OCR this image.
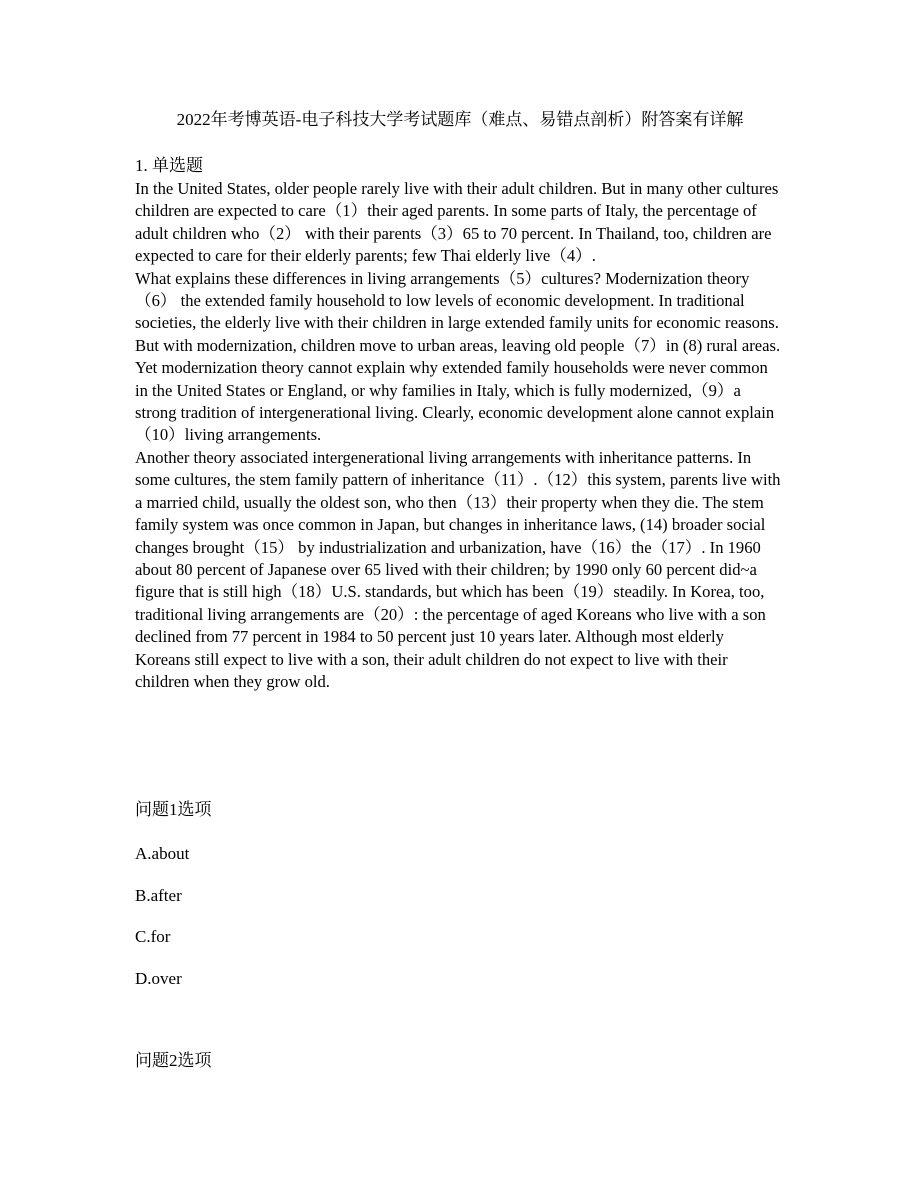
2022年考博英语-电子科技大学考试题库（难点、易错点剖析）附答案有详解
1. 单选题

In the United States, older people rarely live with their adult children. But in many other cultures children are expected to care（1）their aged parents. In some parts of Italy, the percentage of adult children who（2） with their parents（3）65 to 70 percent. In Thailand, too, children are expected to care for their elderly parents; few Thai elderly live（4）.

What explains these differences in living arrangements（5）cultures? Modernization theory（6） the extended family household to low levels of economic development. In traditional societies, the elderly live with their children in large extended family units for economic reasons. But with modernization, children move to urban areas, leaving old people（7）in (8) rural areas. Yet modernization theory cannot explain why extended family households were never common in the United States or England, or why families in Italy, which is fully modernized,（9）a strong tradition of intergenerational living. Clearly, economic development alone cannot explain（10）living arrangements.

Another theory associated intergenerational living arrangements with inheritance patterns. In some cultures, the stem family pattern of inheritance（11）.（12）this system, parents live with a married child, usually the oldest son, who then（13）their property when they die. The stem family system was once common in Japan, but changes in inheritance laws, (14) broader social changes brought（15） by industrialization and urbanization, have（16）the（17）. In 1960 about 80 percent of Japanese over 65 lived with their children; by 1990 only 60 percent did~a figure that is still high（18）U.S. standards, but which has been（19）steadily. In Korea, too, traditional living arrangements are（20）: the percentage of aged Koreans who live with a son declined from 77 percent in 1984 to 50 percent just 10 years later. Although most elderly Koreans still expect to live with a son, their adult children do not expect to live with their children when they grow old.

问题1选项
A.about
B.after
C.for
D.over
问题2选项
